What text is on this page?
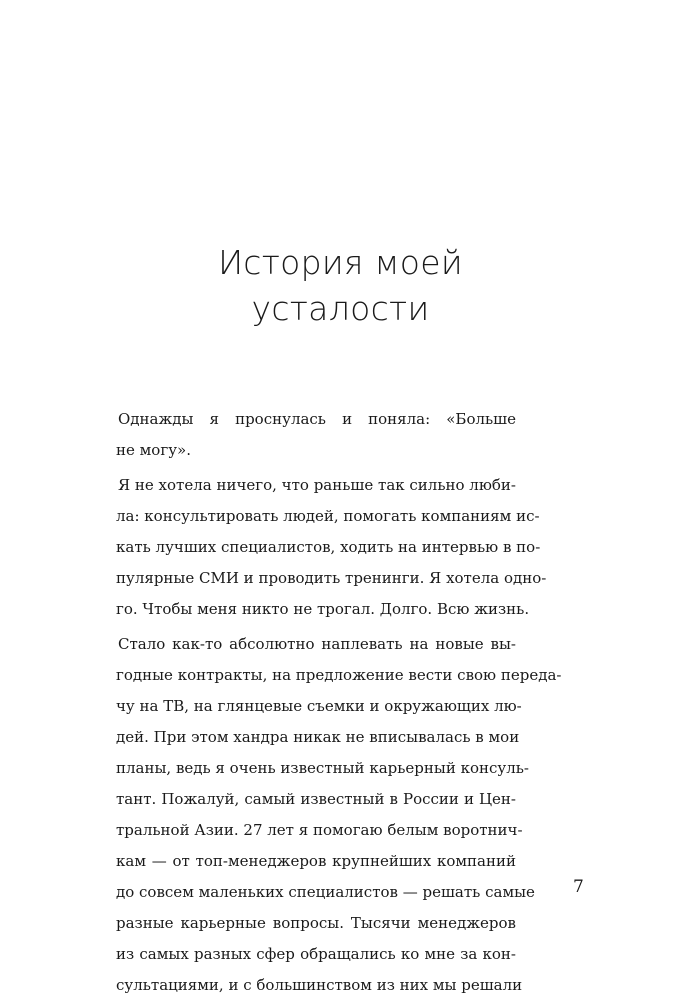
История моей
усталости
Однажды я проснулась и поняла: «Больше
не могу».
Я не хотела ничего, что раньше так сильно люби-
ла: консультировать людей, помогать компаниям ис-
кать лучших специалистов, ходить на интервью в по-
пулярные СМИ и проводить тренинги. Я хотела одно-
го. Чтобы меня никто не трогал. Долго. Всю жизнь.
Стало как-то абсолютно наплевать на новые вы-
годные контракты, на предложение вести свою переда-
чу на ТВ, на глянцевые съемки и окружающих лю-
дей. При этом хандра никак не вписывалась в мои
планы, ведь я очень известный карьерный консуль-
тант. Пожалуй, самый известный в России и Цен-
тральной Азии. 27 лет я помогаю белым воротнич-
кам — от топ-менеджеров крупнейших компаний
до совсем маленьких специалистов — решать самые
разные карьерные вопросы. Тысячи менеджеров
из самых разных сфер обращались ко мне за кон-
сультациями, и с большинством из них мы решали
7
